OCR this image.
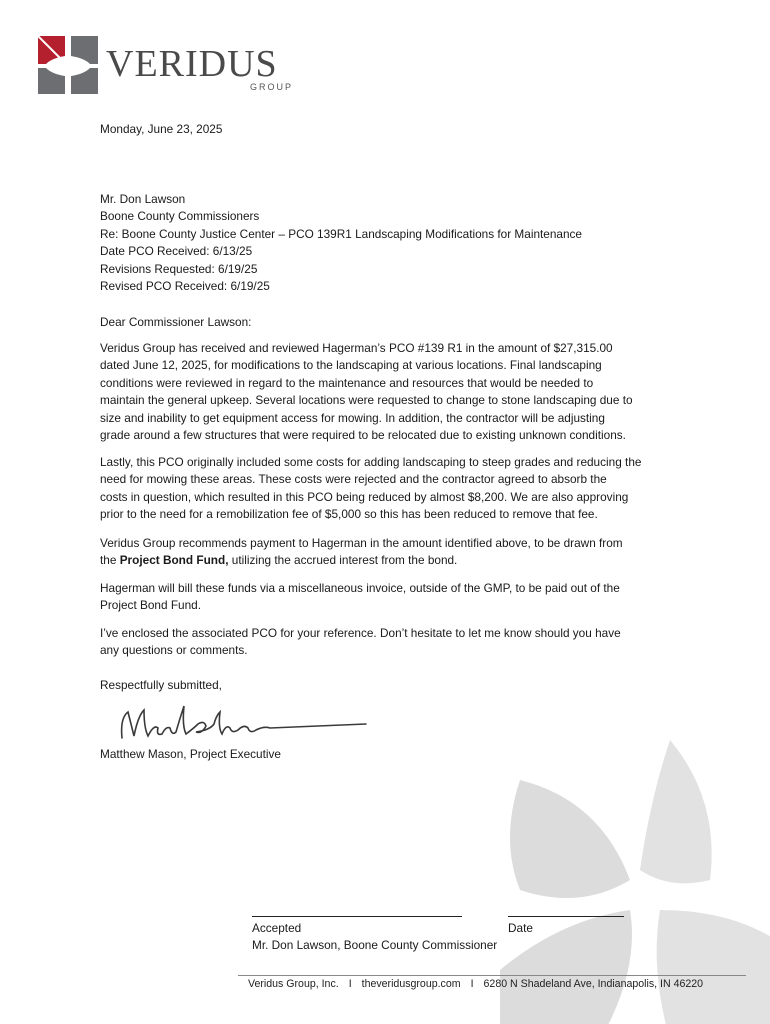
VERIDUS
GROUP
Monday, June 23, 2025
Mr. Don Lawson
Boone County Commissioners
Re: Boone County Justice Center – PCO 139R1 Landscaping Modifications for Maintenance
Date PCO Received: 6/13/25
Revisions Requested: 6/19/25
Revised PCO Received: 6/19/25
Dear Commissioner Lawson:
Veridus Group has received and reviewed Hagerman’s PCO #139 R1 in the amount of $27,315.00
dated June 12, 2025, for modifications to the landscaping at various locations. Final landscaping
conditions were reviewed in regard to the maintenance and resources that would be needed to
maintain the general upkeep. Several locations were requested to change to stone landscaping due to
size and inability to get equipment access for mowing. In addition, the contractor will be adjusting
grade around a few structures that were required to be relocated due to existing unknown conditions.
Lastly, this PCO originally included some costs for adding landscaping to steep grades and reducing the
need for mowing these areas. These costs were rejected and the contractor agreed to absorb the
costs in question, which resulted in this PCO being reduced by almost $8,200. We are also approving
prior to the need for a remobilization fee of $5,000 so this has been reduced to remove that fee.
Veridus Group recommends payment to Hagerman in the amount identified above, to be drawn from
the Project Bond Fund, utilizing the accrued interest from the bond.
Hagerman will bill these funds via a miscellaneous invoice, outside of the GMP, to be paid out of the
Project Bond Fund.
I’ve enclosed the associated PCO for your reference. Don’t hesitate to let me know should you have
any questions or comments.
Respectfully submitted,
Matthew Mason, Project Executive
Accepted	Date
Mr. Don Lawson, Boone County Commissioner
Veridus Group, Inc. I theveridusgroup.com I 6280 N Shadeland Ave, Indianapolis, IN 46220
